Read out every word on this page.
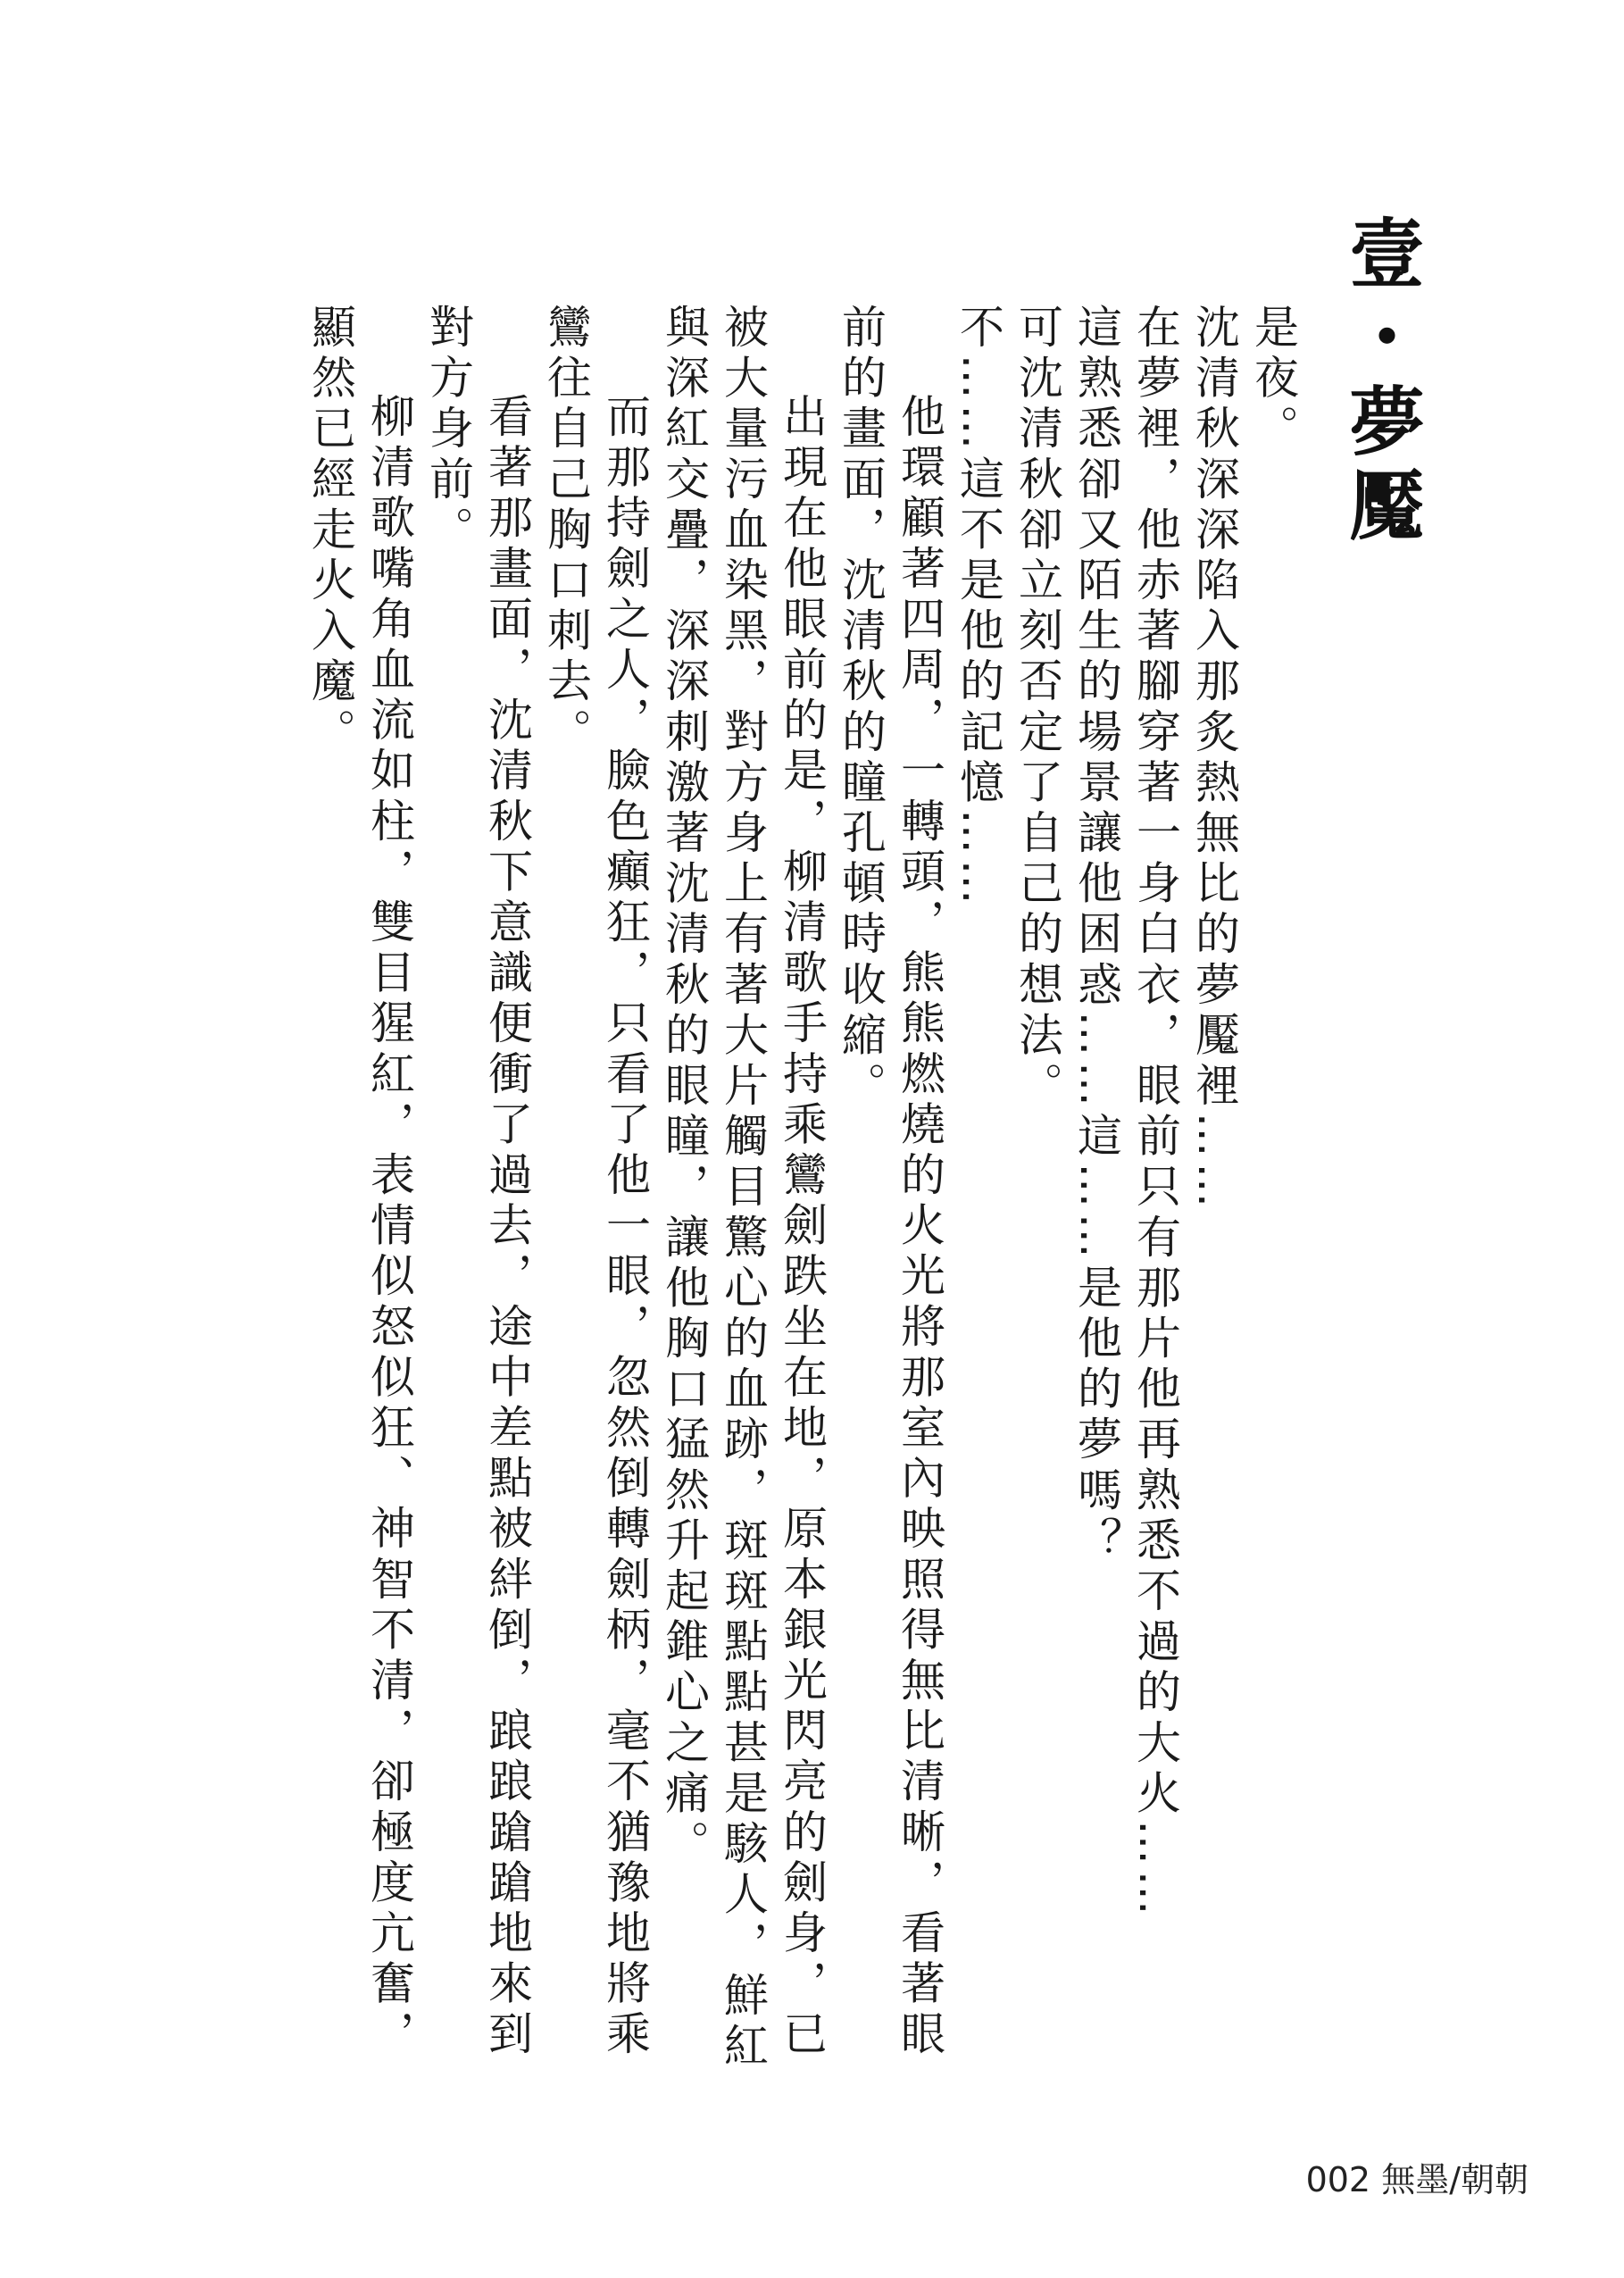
壹・夢魘

是夜。

沈清秋深深陷入那炙熱無比的夢魘裡……

在夢裡，他赤著腳穿著一身白衣，眼前只有那片他再熟悉不過的大火……

這熟悉卻又陌生的場景讓他困惑……這……是他的夢嗎？

可沈清秋卻立刻否定了自己的想法。

不……這不是他的記憶……

他環顧著四周，一轉頭，熊熊燃燒的火光將那室內映照得無比清晰，看著眼前的畫面，沈清秋的瞳孔頓時收縮。

出現在他眼前的是，柳清歌手持乘鸞劍跌坐在地，原本銀光閃亮的劍身，已被大量污血染黑，對方身上有著大片觸目驚心的血跡，斑斑點點甚是駭人，鮮紅與深紅交疊，深深刺激著沈清秋的眼瞳，讓他胸口猛然升起錐心之痛。

而那持劍之人，臉色癲狂，只看了他一眼，忽然倒轉劍柄，毫不猶豫地將乘鸞往自己胸口刺去。

看著那畫面，沈清秋下意識便衝了過去，途中差點被絆倒，踉踉蹌蹌地來到對方身前。

柳清歌嘴角血流如柱，雙目猩紅，表情似怒似狂、神智不清，卻極度亢奮，顯然已經走火入魔。

002 無墨/朝朝
